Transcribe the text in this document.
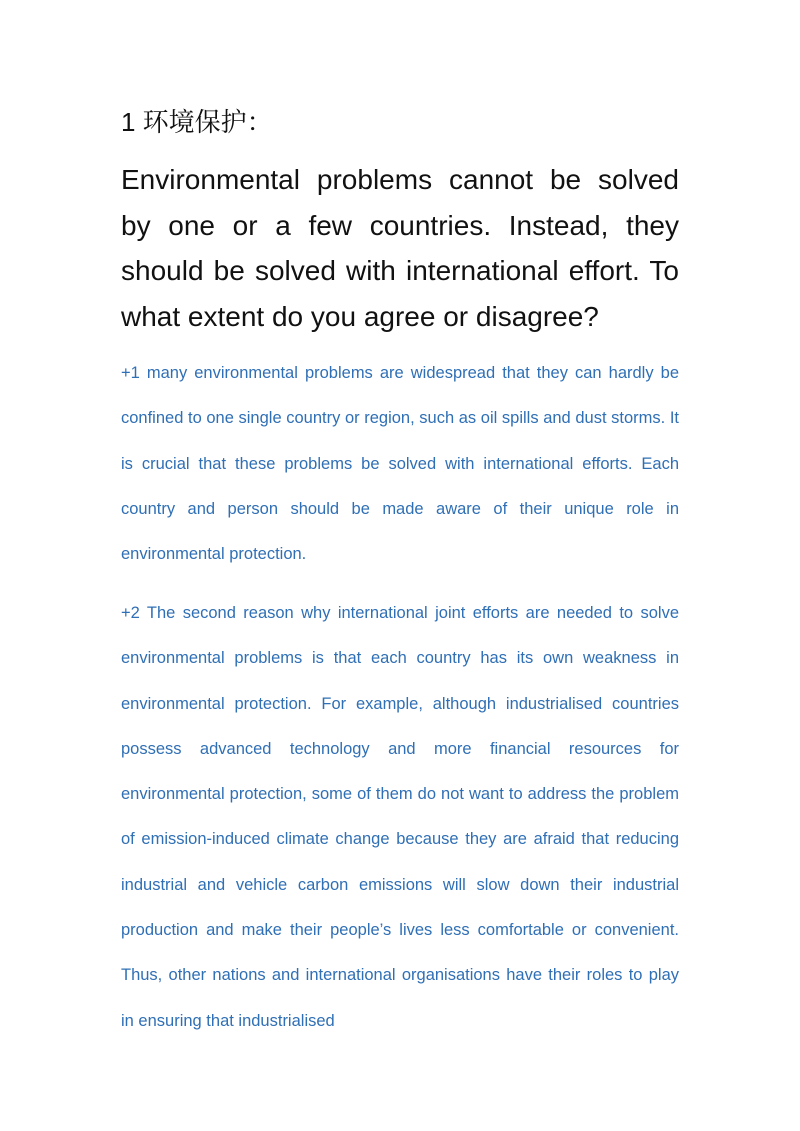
1 环境保护：
Environmental problems cannot be solved by one or a few countries. Instead, they should be solved with international effort. To what extent do you agree or disagree?
+1 many environmental problems are widespread that they can hardly be confined to one single country or region, such as oil spills and dust storms. It is crucial that these problems be solved with international efforts. Each country and person should be made aware of their unique role in environmental protection.
+2 The second reason why international joint efforts are needed to solve environmental problems is that each country has its own weakness in environmental protection. For example, although industrialised countries possess advanced technology and more financial resources for environmental protection, some of them do not want to address the problem of emission-induced climate change because they are afraid that reducing industrial and vehicle carbon emissions will slow down their industrial production and make their people’s lives less comfortable or convenient. Thus, other nations and international organisations have their roles to play in ensuring that industrialised
